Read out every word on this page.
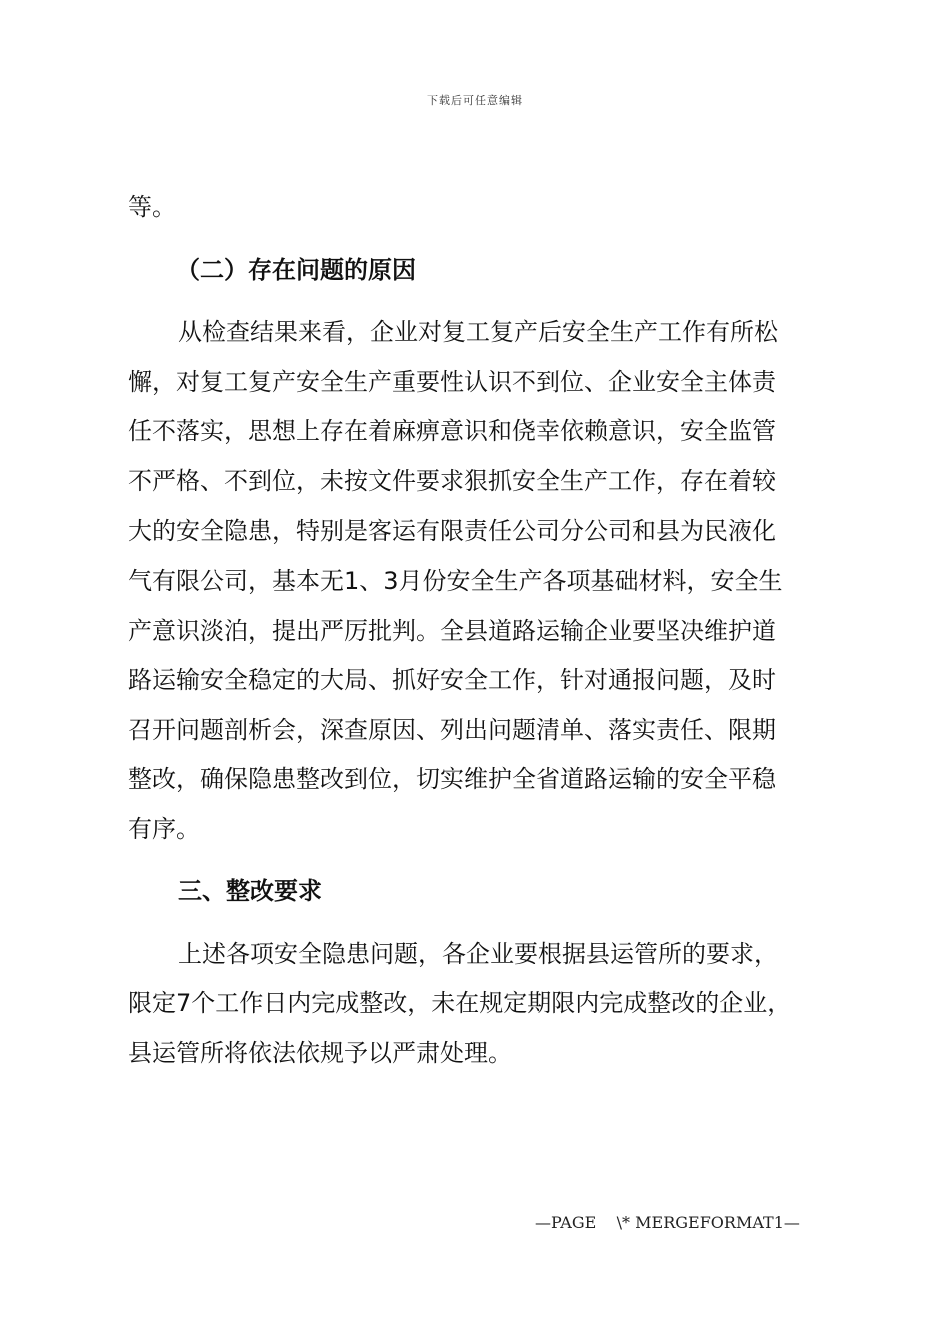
下载后可任意编辑
等。
（二）存在问题的原因
从检查结果来看，企业对复工复产后安全生产工作有所松
懈，对复工复产安全生产重要性认识不到位、企业安全主体责
任不落实，思想上存在着麻痹意识和侥幸依赖意识，安全监管
不严格、不到位，未按文件要求狠抓安全生产工作，存在着较
大的安全隐患，特别是客运有限责任公司分公司和县为民液化
气有限公司，基本无1、3月份安全生产各项基础材料，安全生
产意识淡泊，提出严厉批判。全县道路运输企业要坚决维护道
路运输安全稳定的大局、抓好安全工作，针对通报问题，及时
召开问题剖析会，深查原因、列出问题清单、落实责任、限期
整改，确保隐患整改到位，切实维护全省道路运输的安全平稳
有序。
三、整改要求
上述各项安全隐患问题，各企业要根据县运管所的要求，
限定7个工作日内完成整改，未在规定期限内完成整改的企业，
县运管所将依法依规予以严肃处理。
—PAGE    \* MERGEFORMAT1—
